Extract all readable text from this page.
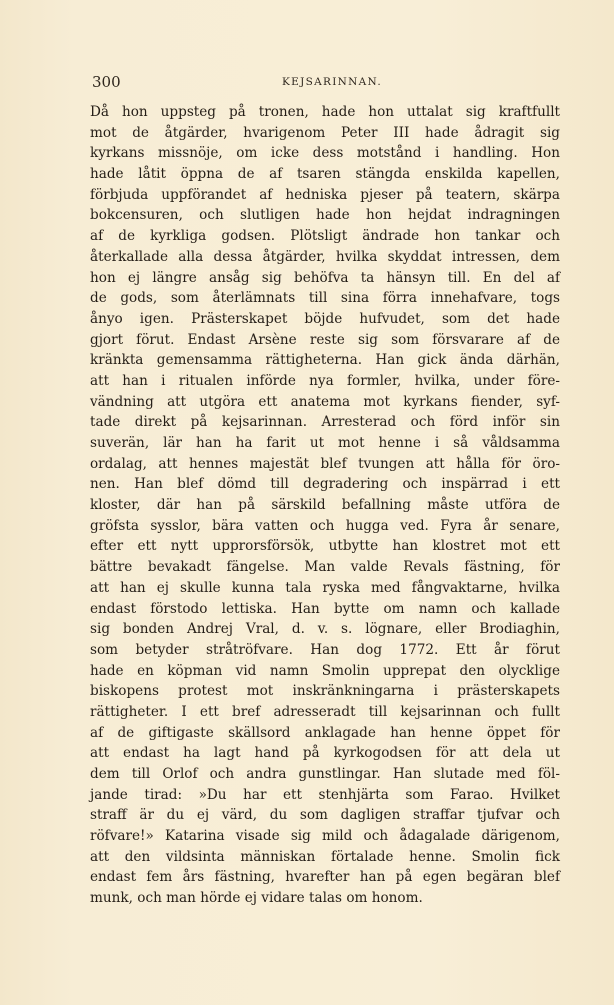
300	KEJSARINNAN.
Då hon uppsteg på tronen, hade hon uttalat sig kraftfullt
mot de åtgärder, hvarigenom Peter III hade ådragit sig
kyrkans missnöje, om icke dess motstånd i handling. Hon
hade låtit öppna de af tsaren stängda enskilda kapellen,
förbjuda uppförandet af hedniska pjeser på teatern, skärpa
bokcensuren, och slutligen hade hon hejdat indragningen
af de kyrkliga godsen. Plötsligt ändrade hon tankar och
återkallade alla dessa åtgärder, hvilka skyddat intressen, dem
hon ej längre ansåg sig behöfva ta hänsyn till. En del af
de gods, som återlämnats till sina förra innehafvare, togs
ånyo igen. Prästerskapet böjde hufvudet, som det hade
gjort förut. Endast Arsène reste sig som försvarare af de
kränkta gemensamma rättigheterna. Han gick ända därhän,
att han i ritualen införde nya formler, hvilka, under före-
vändning att utgöra ett anatema mot kyrkans fiender, syf-
tade direkt på kejsarinnan. Arresterad och förd inför sin
suverän, lär han ha farit ut mot henne i så våldsamma
ordalag, att hennes majestät blef tvungen att hålla för öro-
nen. Han blef dömd till degradering och inspärrad i ett
kloster, där han på särskild befallning måste utföra de
gröfsta sysslor, bära vatten och hugga ved. Fyra år senare,
efter ett nytt upprorsförsök, utbytte han klostret mot ett
bättre bevakadt fängelse. Man valde Revals fästning, för
att han ej skulle kunna tala ryska med fångvaktarne, hvilka
endast förstodo lettiska. Han bytte om namn och kallade
sig bonden Andrej Vral, d. v. s. lögnare, eller Brodiaghin,
som betyder stråtröfvare. Han dog 1772. Ett år förut
hade en köpman vid namn Smolin upprepat den olycklige
biskopens protest mot inskränkningarna i prästerskapets
rättigheter. I ett bref adresseradt till kejsarinnan och fullt
af de giftigaste skällsord anklagade han henne öppet för
att endast ha lagt hand på kyrkogodsen för att dela ut
dem till Orlof och andra gunstlingar. Han slutade med föl-
jande tirad: »Du har ett stenhjärta som Farao. Hvilket
straff är du ej värd, du som dagligen straffar tjufvar och
röfvare!» Katarina visade sig mild och ådagalade därigenom,
att den vildsinta människan förtalade henne. Smolin fick
endast fem års fästning, hvarefter han på egen begäran blef
munk, och man hörde ej vidare talas om honom.
